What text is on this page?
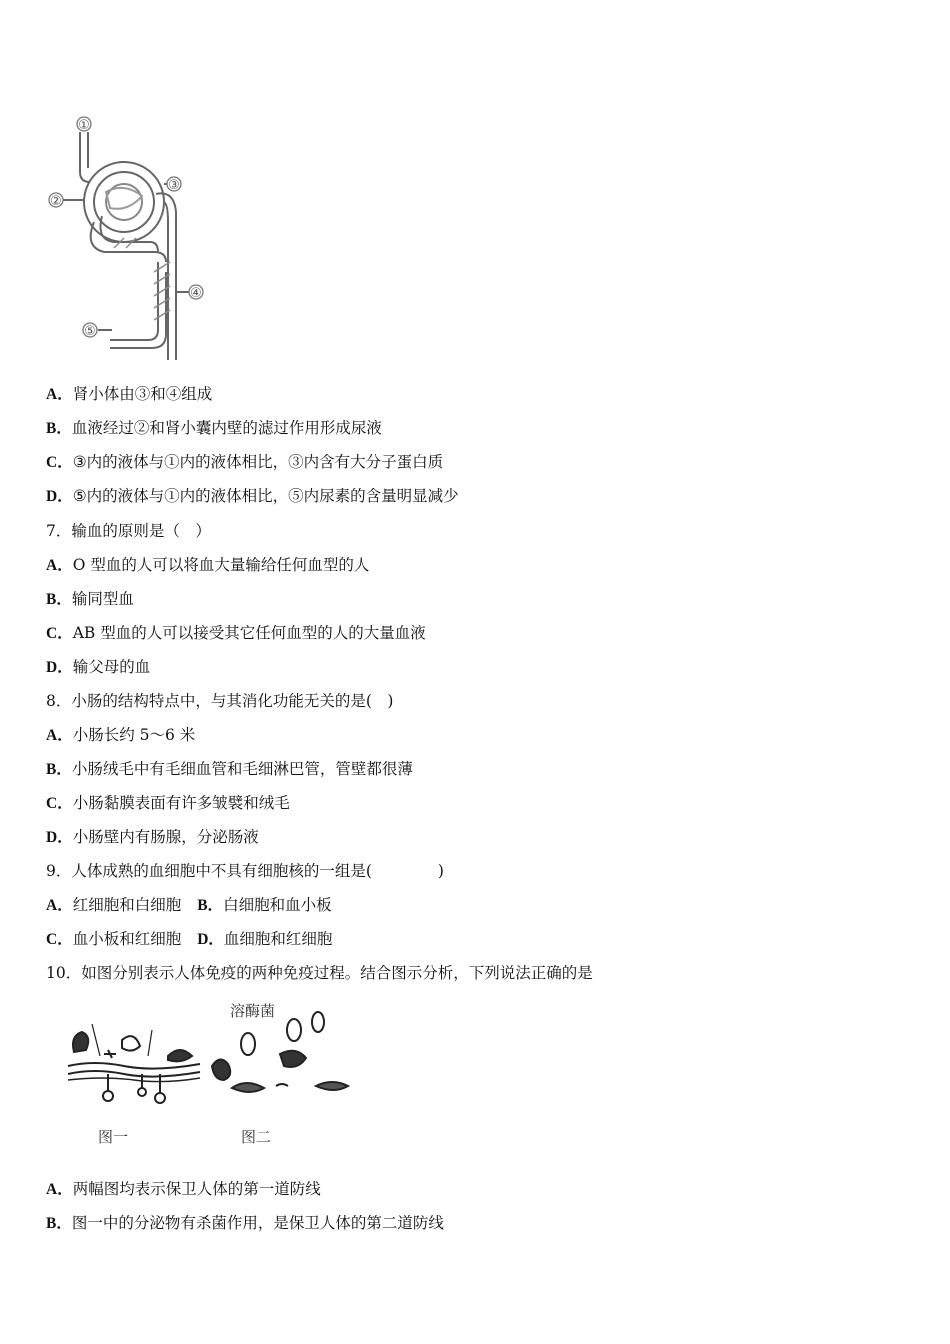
①
②
③
④
⑤
A．肾小体由③和④组成
B．血液经过②和肾小囊内壁的滤过作用形成尿液
C．③内的液体与①内的液体相比，③内含有大分子蛋白质
D．⑤内的液体与①内的液体相比，⑤内尿素的含量明显减少
7．输血的原则是（　）
A．O 型血的人可以将血大量输给任何血型的人
B．输同型血
C．AB 型血的人可以接受其它任何血型的人的大量血液
D．输父母的血
8．小肠的结构特点中，与其消化功能无关的是(　)
A．小肠长约 5～6 米
B．小肠绒毛中有毛细血管和毛细淋巴管，管壁都很薄
C．小肠黏膜表面有许多皱襞和绒毛
D．小肠壁内有肠腺，分泌肠液
9．人体成熟的血细胞中不具有细胞核的一组是(	)
A．红细胞和白细胞 B．白细胞和血小板
C．血小板和红细胞 D．血细胞和红细胞
10．如图分别表示人体免疫的两种免疫过程。结合图示分析，下列说法正确的是
溶酶菌
图一	图二
A．两幅图均表示保卫人体的第一道防线
B．图一中的分泌物有杀菌作用，是保卫人体的第二道防线
